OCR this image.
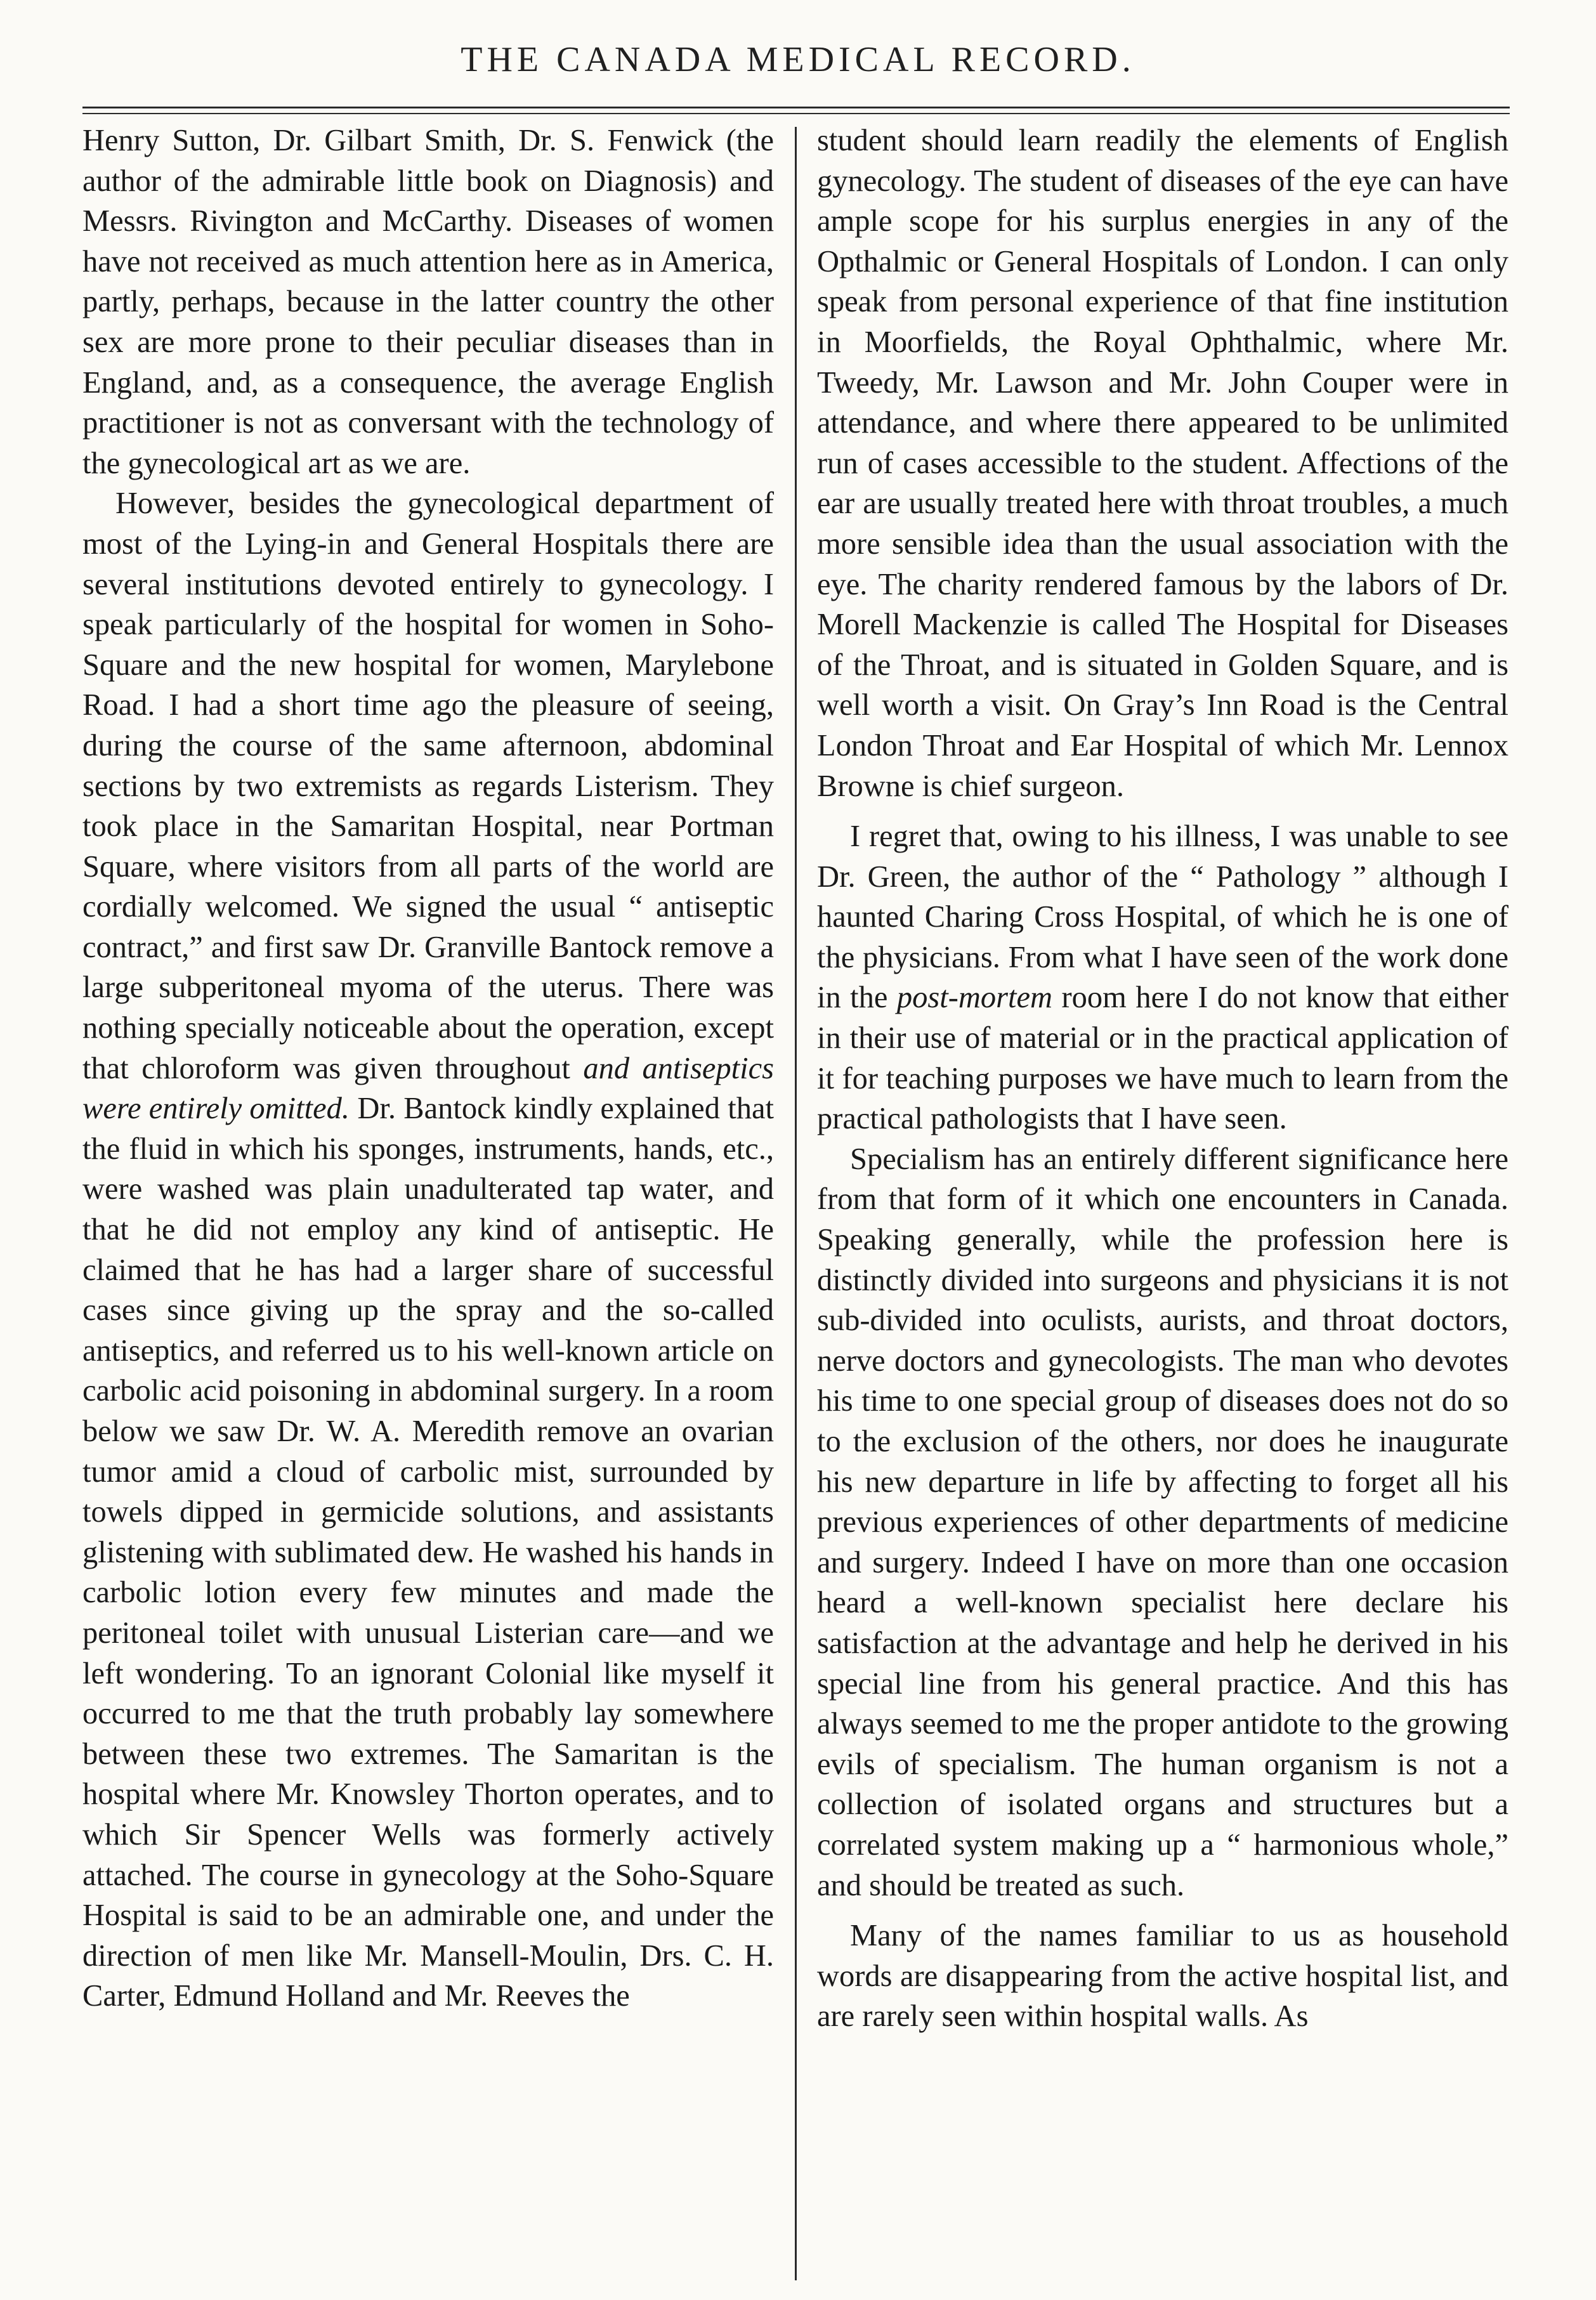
THE CANADA MEDICAL RECORD.

Henry Sutton, Dr. Gilbart Smith, Dr. S. Fenwick (the author of the admirable little book on Diagnosis) and Messrs. Rivington and McCarthy. Diseases of women have not received as much attention here as in America, partly, perhaps, because in the latter country the other sex are more prone to their peculiar diseases than in England, and, as a consequence, the average English practitioner is not as conversant with the technology of the gynecological art as we are.

However, besides the gynecological department of most of the Lying-in and General Hospitals there are several institutions devoted entirely to gynecology. I speak particularly of the hospital for women in Soho-Square and the new hospital for women, Marylebone Road. I had a short time ago the pleasure of seeing, during the course of the same afternoon, abdominal sections by two extremists as regards Listerism. They took place in the Samaritan Hospital, near Portman Square, where visitors from all parts of the world are cordially welcomed. We signed the usual “ antiseptic contract,” and first saw Dr. Granville Bantock remove a large subperitoneal myoma of the uterus. There was nothing specially noticeable about the operation, except that chloroform was given throughout and antiseptics were entirely omitted. Dr. Bantock kindly explained that the fluid in which his sponges, instruments, hands, etc., were washed was plain unadulterated tap water, and that he did not employ any kind of antiseptic. He claimed that he has had a larger share of successful cases since giving up the spray and the so-called antiseptics, and referred us to his well-known article on carbolic acid poisoning in abdominal surgery. In a room below we saw Dr. W. A. Meredith remove an ovarian tumor amid a cloud of carbolic mist, surrounded by towels dipped in germicide solutions, and assistants glistening with sublimated dew. He washed his hands in carbolic lotion every few minutes and made the peritoneal toilet with unusual Listerian care—and we left wondering. To an ignorant Colonial like myself it occurred to me that the truth probably lay somewhere between these two extremes. The Samaritan is the hospital where Mr. Knowsley Thorton operates, and to which Sir Spencer Wells was formerly actively attached. The course in gynecology at the Soho-Square Hospital is said to be an admirable one, and under the direction of men like Mr. Mansell-Moulin, Drs. C. H. Carter, Edmund Holland and Mr. Reeves the

student should learn readily the elements of English gynecology. The student of diseases of the eye can have ample scope for his surplus energies in any of the Opthalmic or General Hospitals of London. I can only speak from personal experience of that fine institution in Moorfields, the Royal Ophthalmic, where Mr. Tweedy, Mr. Lawson and Mr. John Couper were in attendance, and where there appeared to be unlimited run of cases accessible to the student. Affections of the ear are usually treated here with throat troubles, a much more sensible idea than the usual association with the eye. The charity rendered famous by the labors of Dr. Morell Mackenzie is called The Hospital for Diseases of the Throat, and is situated in Golden Square, and is well worth a visit. On Gray’s Inn Road is the Central London Throat and Ear Hospital of which Mr. Lennox Browne is chief surgeon.

I regret that, owing to his illness, I was unable to see Dr. Green, the author of the “ Pathology ” although I haunted Charing Cross Hospital, of which he is one of the physicians. From what I have seen of the work done in the post-mortem room here I do not know that either in their use of material or in the practical application of it for teaching purposes we have much to learn from the practical pathologists that I have seen.

Specialism has an entirely different significance here from that form of it which one encounters in Canada. Speaking generally, while the profession here is distinctly divided into surgeons and physicians it is not sub-divided into oculists, aurists, and throat doctors, nerve doctors and gynecologists. The man who devotes his time to one special group of diseases does not do so to the exclusion of the others, nor does he inaugurate his new departure in life by affecting to forget all his previous experiences of other departments of medicine and surgery. Indeed I have on more than one occasion heard a well-known specialist here declare his satisfaction at the advantage and help he derived in his special line from his general practice. And this has always seemed to me the proper antidote to the growing evils of specialism. The human organism is not a collection of isolated organs and structures but a correlated system making up a “ harmonious whole,” and should be treated as such.

Many of the names familiar to us as household words are disappearing from the active hospital list, and are rarely seen within hospital walls. As
